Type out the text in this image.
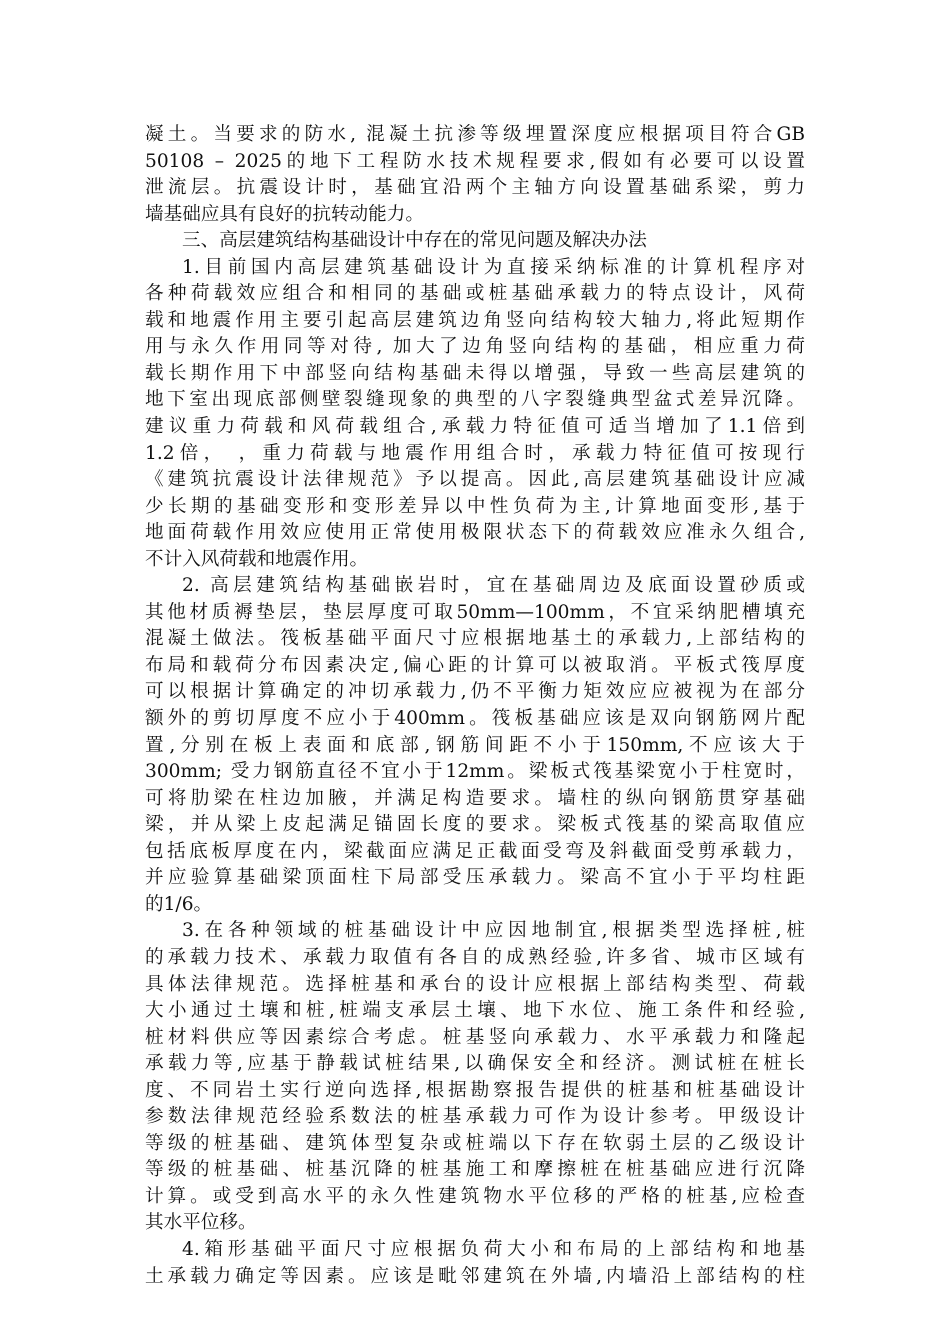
凝土。当要求的防水, 混凝土抗渗等级埋置深度应根据项目符合GB
50108 – 2025的地下工程防水技术规程要求,假如有必要可以设置
泄流层。抗震设计时，基础宜沿两个主轴方向设置基础系梁，剪力
墙基础应具有良好的抗转动能力。
三、高层建筑结构基础设计中存在的常见问题及解决办法
1.目前国内高层建筑基础设计为直接采纳标准的计算机程序对
各种荷载效应组合和相同的基础或桩基础承载力的特点设计，风荷
载和地震作用主要引起高层建筑边角竖向结构较大轴力,将此短期作
用与永久作用同等对待, 加大了边角竖向结构的基础，相应重力荷
载长期作用下中部竖向结构基础未得以增强，导致一些高层建筑的
地下室出现底部侧壁裂缝现象的典型的八字裂缝典型盆式差异沉降。
建议重力荷载和风荷载组合,承载力特征值可适当增加了1.1倍到
1.2倍， ，重力荷载与地震作用组合时，承载力特征值可按现行
《建筑抗震设计法律规范》予以提高。因此,高层建筑基础设计应减
少长期的基础变形和变形差异以中性负荷为主,计算地面变形,基于
地面荷载作用效应使用正常使用极限状态下的荷载效应准永久组合,
不计入风荷载和地震作用。
2. 高层建筑结构基础嵌岩时，宜在基础周边及底面设置砂质或
其他材质褥垫层，垫层厚度可取50mm—100mm，不宜采纳肥槽填充
混凝土做法。筏板基础平面尺寸应根据地基土的承载力,上部结构的
布局和载荷分布因素决定,偏心距的计算可以被取消。平板式筏厚度
可以根据计算确定的冲切承载力,仍不平衡力矩效应应被视为在部分
额外的剪切厚度不应小于400mm。筏板基础应该是双向钢筋网片配
置,分别在板上表面和底部,钢筋间距不小于150mm,不应该大于
300mm; 受力钢筋直径不宜小于12mm。梁板式筏基梁宽小于柱宽时，
可将肋梁在柱边加腋，并满足构造要求。墙柱的纵向钢筋贯穿基础
梁，并从梁上皮起满足锚固长度的要求。梁板式筏基的梁高取值应
包括底板厚度在内，梁截面应满足正截面受弯及斜截面受剪承载力，
并应验算基础梁顶面柱下局部受压承载力。梁高不宜小于平均柱距
的1/6。
3.在各种领域的桩基础设计中应因地制宜,根据类型选择桩,桩
的承载力技术、承载力取值有各自的成熟经验,许多省、城市区域有
具体法律规范。选择桩基和承台的设计应根据上部结构类型、荷载
大小通过土壤和桩,桩端支承层土壤、地下水位、施工条件和经验,
桩材料供应等因素综合考虑。桩基竖向承载力、水平承载力和隆起
承载力等,应基于静载试桩结果,以确保安全和经济。测试桩在桩长
度、不同岩土实行逆向选择,根据勘察报告提供的桩基和桩基础设计
参数法律规范经验系数法的桩基承载力可作为设计参考。甲级设计
等级的桩基础、建筑体型复杂或桩端以下存在软弱土层的乙级设计
等级的桩基础、桩基沉降的桩基施工和摩擦桩在桩基础应进行沉降
计算。或受到高水平的永久性建筑物水平位移的严格的桩基,应检查
其水平位移。
4.箱形基础平面尺寸应根据负荷大小和布局的上部结构和地基
土承载力确定等因素。应该是毗邻建筑在外墙,内墙沿上部结构的柱
